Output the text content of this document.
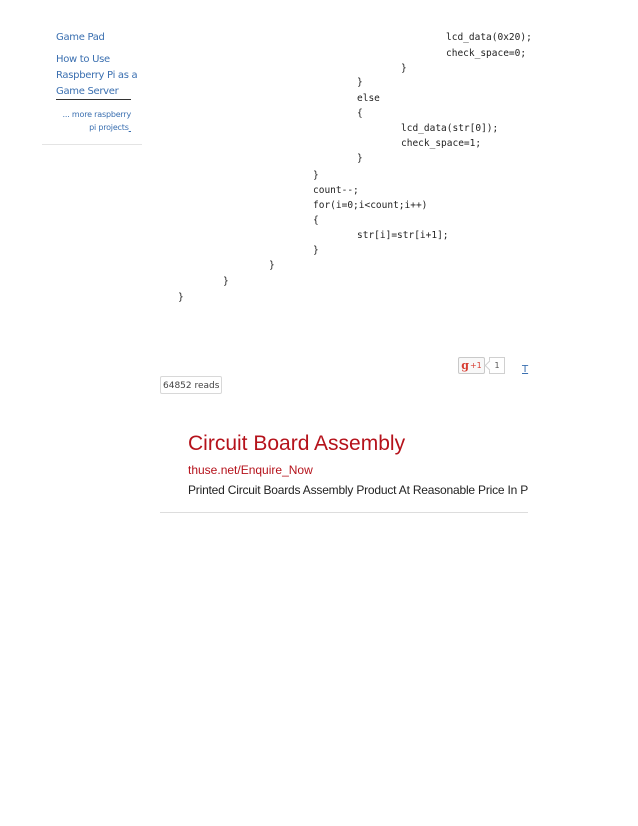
Game Pad
How to Use
Raspberry Pi as a
Game Server
... more raspberry
pi projects
lcd_data(0x20);
check_space=0;
}
}
else
{
lcd_data(str[0]);
check_space=1;
}
}
count--;
for(i=0;i<count;i++)
{
str[i]=str[i+1];
}
}
}
}
g +1	1	T
64852 reads
Circuit Board Assembly
thuse.net/Enquire_Now
Printed Circuit Boards Assembly Product At Reasonable Price In P
